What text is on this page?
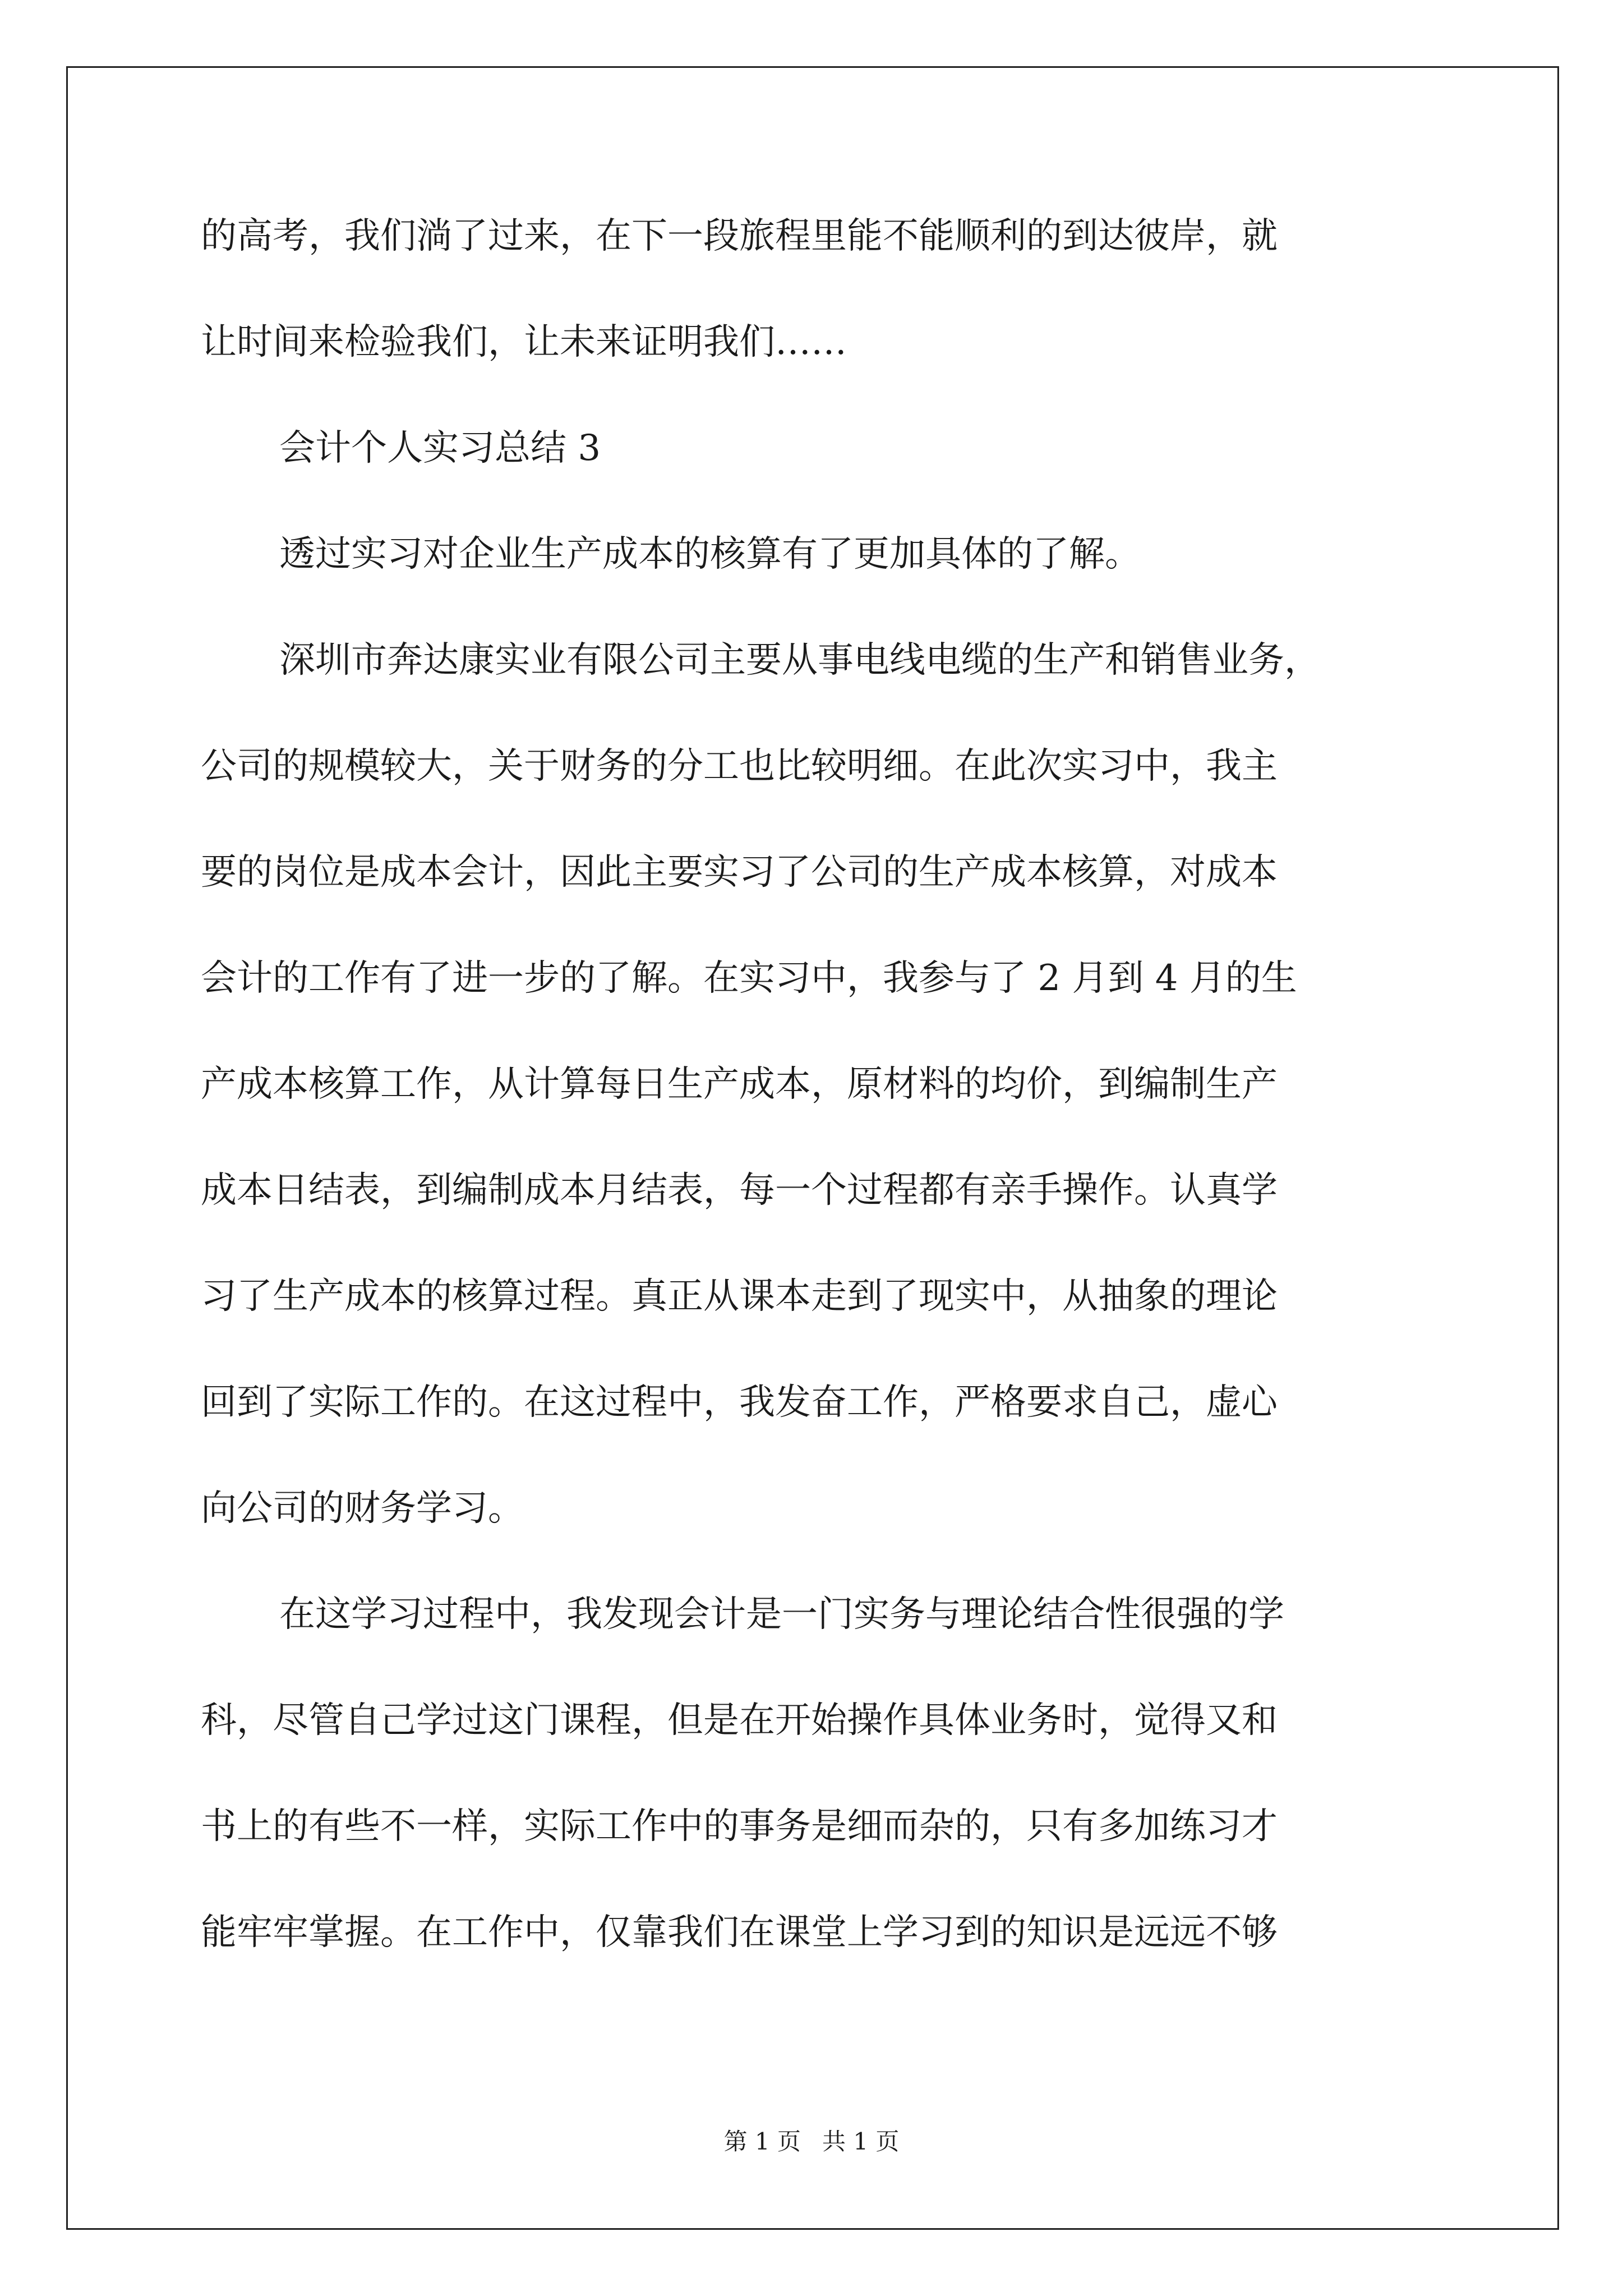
的高考，我们淌了过来，在下一段旅程里能不能顺利的到达彼岸，就
让时间来检验我们，让未来证明我们……
会计个人实习总结 3
透过实习对企业生产成本的核算有了更加具体的了解。
深圳市奔达康实业有限公司主要从事电线电缆的生产和销售业务，
公司的规模较大，关于财务的分工也比较明细。在此次实习中，我主
要的岗位是成本会计，因此主要实习了公司的生产成本核算，对成本
会计的工作有了进一步的了解。在实习中，我参与了 2 月到 4 月的生
产成本核算工作，从计算每日生产成本，原材料的均价，到编制生产
成本日结表，到编制成本月结表，每一个过程都有亲手操作。认真学
习了生产成本的核算过程。真正从课本走到了现实中，从抽象的理论
回到了实际工作的。在这过程中，我发奋工作，严格要求自己，虚心
向公司的财务学习。
在这学习过程中，我发现会计是一门实务与理论结合性很强的学
科，尽管自己学过这门课程，但是在开始操作具体业务时，觉得又和
书上的有些不一样，实际工作中的事务是细而杂的，只有多加练习才
能牢牢掌握。在工作中，仅靠我们在课堂上学习到的知识是远远不够
第 1 页 共 1 页
